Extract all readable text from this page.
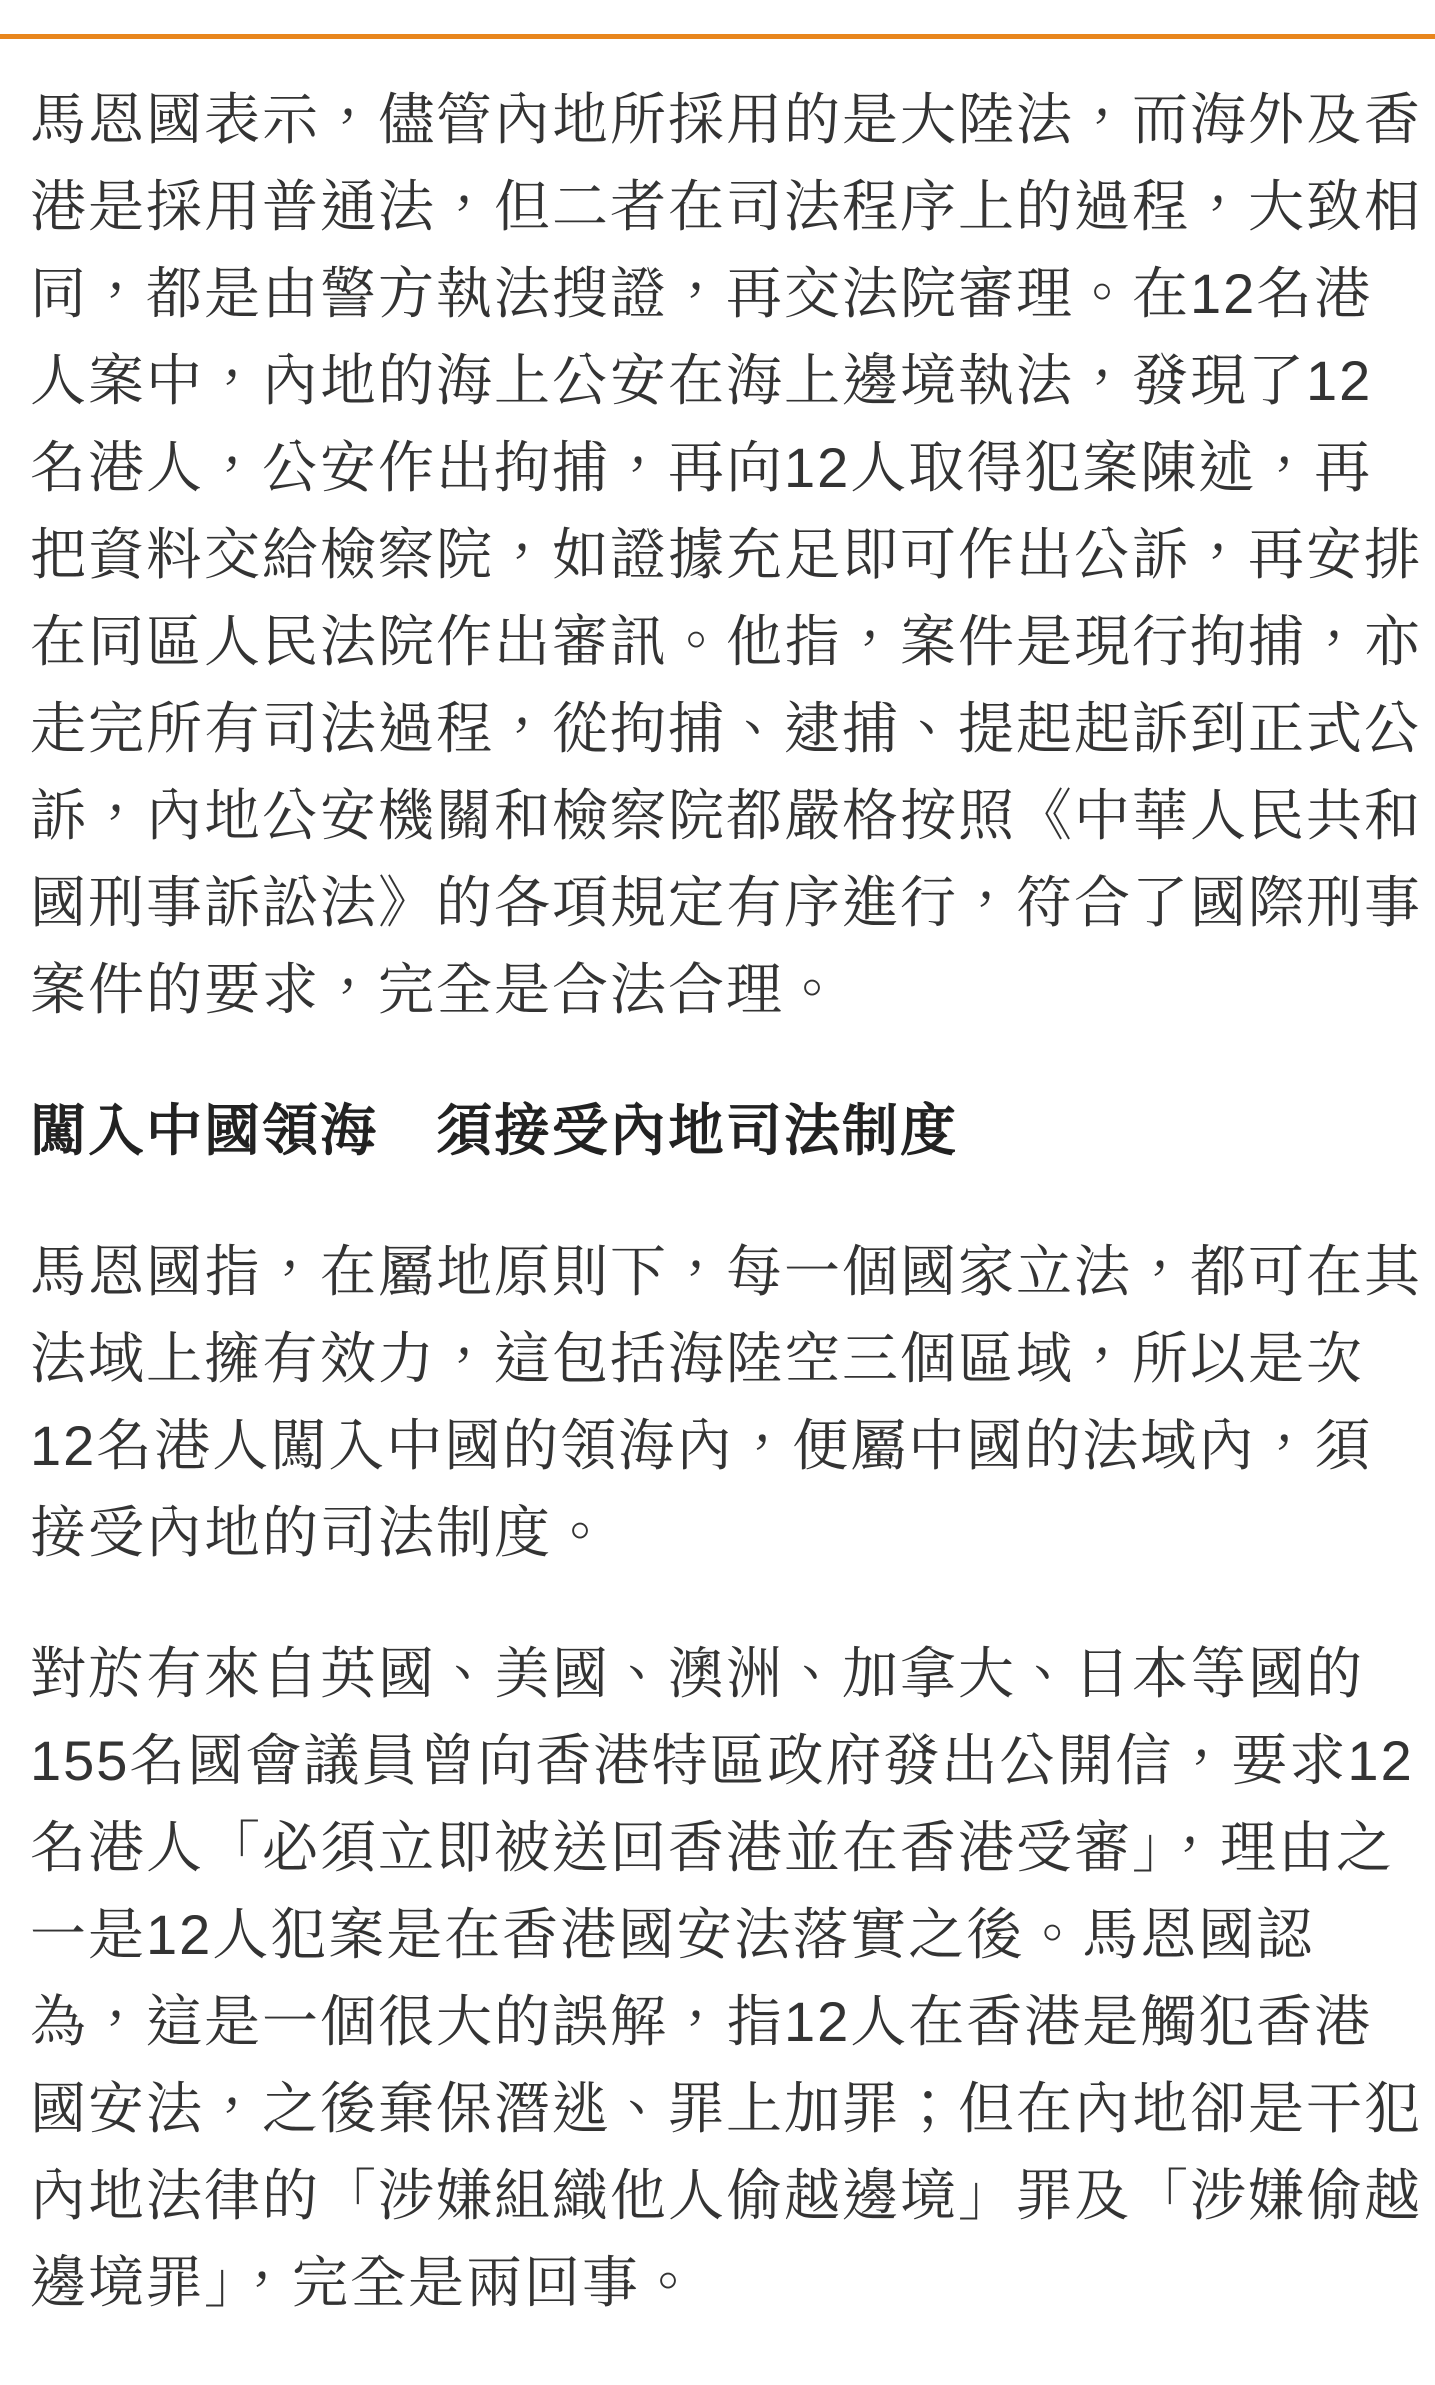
馬恩國表示，儘管內地所採用的是大陸法，而海外及香
港是採用普通法，但二者在司法程序上的過程，大致相
同，都是由警方執法搜證，再交法院審理。在12名港
人案中，內地的海上公安在海上邊境執法，發現了12
名港人，公安作出拘捕，再向12人取得犯案陳述，再
把資料交給檢察院，如證據充足即可作出公訴，再安排
在同區人民法院作出審訊。他指，案件是現行拘捕，亦
走完所有司法過程，從拘捕、逮捕、提起起訴到正式公
訴，內地公安機關和檢察院都嚴格按照《中華人民共和
國刑事訴訟法》的各項規定有序進行，符合了國際刑事
案件的要求，完全是合法合理。
闖入中國領海　須接受內地司法制度
馬恩國指，在屬地原則下，每一個國家立法，都可在其
法域上擁有效力，這包括海陸空三個區域，所以是次
12名港人闖入中國的領海內，便屬中國的法域內，須
接受內地的司法制度。
對於有來自英國、美國、澳洲、加拿大、日本等國的
155名國會議員曾向香港特區政府發出公開信，要求12
名港人「必須立即被送回香港並在香港受審」，理由之
一是12人犯案是在香港國安法落實之後。馬恩國認
為，這是一個很大的誤解，指12人在香港是觸犯香港
國安法，之後棄保潛逃、罪上加罪；但在內地卻是干犯
內地法律的「涉嫌組織他人偷越邊境」罪及「涉嫌偷越
邊境罪」，完全是兩回事。
